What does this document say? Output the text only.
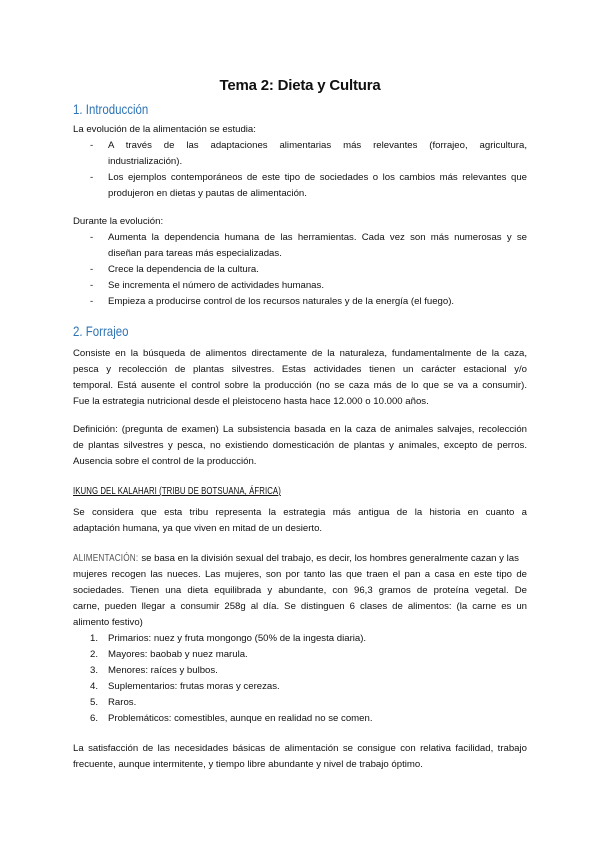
Tema 2: Dieta y Cultura
1. Introducción
La evolución de la alimentación se estudia:
- A través de las adaptaciones alimentarias más relevantes (forrajeo, agricultura,
industrialización).
- Los ejemplos contemporáneos de este tipo de sociedades o los cambios más relevantes que
produjeron en dietas y pautas de alimentación.
Durante la evolución:
- Aumenta la dependencia humana de las herramientas. Cada vez son más numerosas y se
diseñan para tareas más especializadas.
- Crece la dependencia de la cultura.
- Se incrementa el número de actividades humanas.
- Empieza a producirse control de los recursos naturales y de la energía (el fuego).
2. Forrajeo
Consiste en la búsqueda de alimentos directamente de la naturaleza, fundamentalmente de la caza,
pesca y recolección de plantas silvestres. Estas actividades tienen un carácter estacional y/o
temporal. Está ausente el control sobre la producción (no se caza más de lo que se va a consumir).
Fue la estrategia nutricional desde el pleistoceno hasta hace 12.000 o 10.000 años.
Definición: (pregunta de examen) La subsistencia basada en la caza de animales salvajes, recolección
de plantas silvestres y pesca, no existiendo domesticación de plantas y animales, excepto de perros.
Ausencia sobre el control de la producción.
IKUNG DEL KALAHARI (TRIBU DE BOTSUANA, ÁFRICA)
Se considera que esta tribu representa la estrategia más antigua de la historia en cuanto a
adaptación humana, ya que viven en mitad de un desierto.
ALIMENTACIÓN: se basa en la división sexual del trabajo, es decir, los hombres generalmente cazan y las
mujeres recogen las nueces. Las mujeres, son por tanto las que traen el pan a casa en este tipo de
sociedades. Tienen una dieta equilibrada y abundante, con 96,3 gramos de proteína vegetal. De
carne, pueden llegar a consumir 258g al día. Se distinguen 6 clases de alimentos: (la carne es un
alimento festivo)
1. Primarios: nuez y fruta mongongo (50% de la ingesta diaria).
2. Mayores: baobab y nuez marula.
3. Menores: raíces y bulbos.
4. Suplementarios: frutas moras y cerezas.
5. Raros.
6. Problemáticos: comestibles, aunque en realidad no se comen.
La satisfacción de las necesidades básicas de alimentación se consigue con relativa facilidad, trabajo
frecuente, aunque intermitente, y tiempo libre abundante y nivel de trabajo óptimo.
